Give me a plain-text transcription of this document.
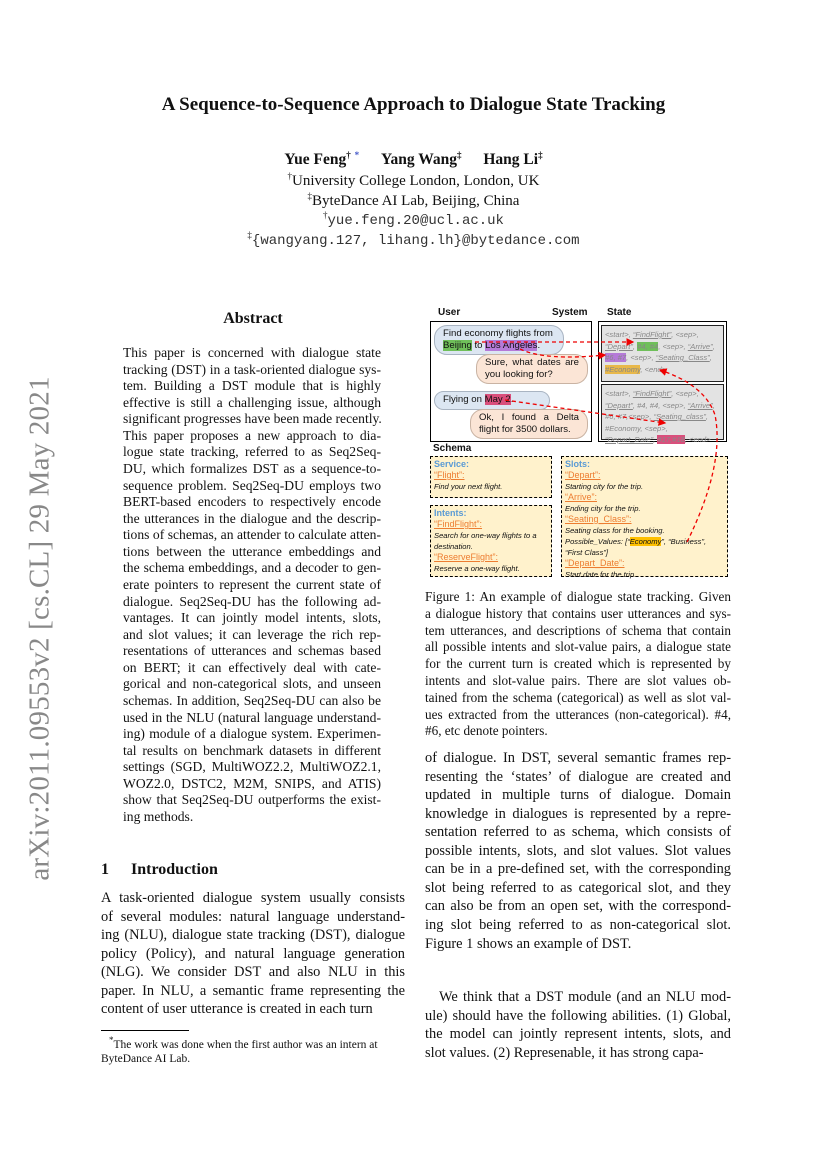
arXiv:2011.09553v2 [cs.CL] 29 May 2021
A Sequence-to-Sequence Approach to Dialogue State Tracking
Yue Feng† * Yang Wang‡ Hang Li‡
†University College London, London, UK
‡ByteDance AI Lab, Beijing, China
†yue.feng.20@ucl.ac.uk
‡{wangyang.127, lihang.lh}@bytedance.com
Abstract
This paper is concerned with dialogue state
tracking (DST) in a task-oriented dialogue sys-
tem. Building a DST module that is highly
effective is still a challenging issue, although
significant progresses have been made recently.
This paper proposes a new approach to dia-
logue state tracking, referred to as Seq2Seq-
DU, which formalizes DST as a sequence-to-
sequence problem. Seq2Seq-DU employs two
BERT-based encoders to respectively encode
the utterances in the dialogue and the descrip-
tions of schemas, an attender to calculate atten-
tions between the utterance embeddings and
the schema embeddings, and a decoder to gen-
erate pointers to represent the current state of
dialogue. Seq2Seq-DU has the following ad-
vantages. It can jointly model intents, slots,
and slot values; it can leverage the rich rep-
resentations of utterances and schemas based
on BERT; it can effectively deal with cate-
gorical and non-categorical slots, and unseen
schemas. In addition, Seq2Seq-DU can also be
used in the NLU (natural language understand-
ing) module of a dialogue system. Experimen-
tal results on benchmark datasets in different
settings (SGD, MultiWOZ2.2, MultiWOZ2.1,
WOZ2.0, DSTC2, M2M, SNIPS, and ATIS)
show that Seq2Seq-DU outperforms the exist-
ing methods.
1 Introduction
A task-oriented dialogue system usually consists
of several modules: natural language understand-
ing (NLU), dialogue state tracking (DST), dialogue
policy (Policy), and natural language generation
(NLG). We consider DST and also NLU in this
paper. In NLU, a semantic frame representing the
content of user utterance is created in each turn
*The work was done when the first author was an intern at
ByteDance AI Lab.
User	System State
Find economy flights from
Beijing to Los Angeles.
Sure, what dates are you looking for?
Flying on May 2.
Ok, I found a Delta flight for 3500 dollars.
<start>, “FindFlight”, <sep>, “Depart”, #4, #4, <sep>, “Arrive”, #6, #7, <sep>, “Seating_Class”, #Economy, <end>
<start>, “FindFlight”, <sep>, “Depart”, #4, #4, <sep>, “Arrive”, #6, #7,<sep>, “Seating_class”, #Economy, <sep>, “Depart_Date”, #17,#18, <end>
Schema
Service:
“Flight”:
Find your next flight.
Intents:
“FindFlight”:
Search for one-way flights to a destination.
“ReserveFlight”:
Reserve a one-way flight.
Slots:
“Depart”:
Starting city for the trip.
“Arrive”:
Ending city for the trip.
“Seating_Class”:
Seating class for the booking.
Possible_Values: [“Economy”, “Business”, “First Class”]
“Depart_Date”:
Start date for the trip.
Figure 1: An example of dialogue state tracking. Given
a dialogue history that contains user utterances and sys-
tem utterances, and descriptions of schema that contain
all possible intents and slot-value pairs, a dialogue state
for the current turn is created which is represented by
intents and slot-value pairs. There are slot values ob-
tained from the schema (categorical) as well as slot val-
ues extracted from the utterances (non-categorical). #4,
#6, etc denote pointers.
of dialogue. In DST, several semantic frames rep-
resenting the ‘states’ of dialogue are created and
updated in multiple turns of dialogue. Domain
knowledge in dialogues is represented by a repre-
sentation referred to as schema, which consists of
possible intents, slots, and slot values. Slot values
can be in a pre-defined set, with the corresponding
slot being referred to as categorical slot, and they
can also be from an open set, with the correspond-
ing slot being referred to as non-categorical slot.
Figure 1 shows an example of DST.
We think that a DST module (and an NLU mod-
ule) should have the following abilities. (1) Global,
the model can jointly represent intents, slots, and
slot values. (2) Represenable, it has strong capa-
